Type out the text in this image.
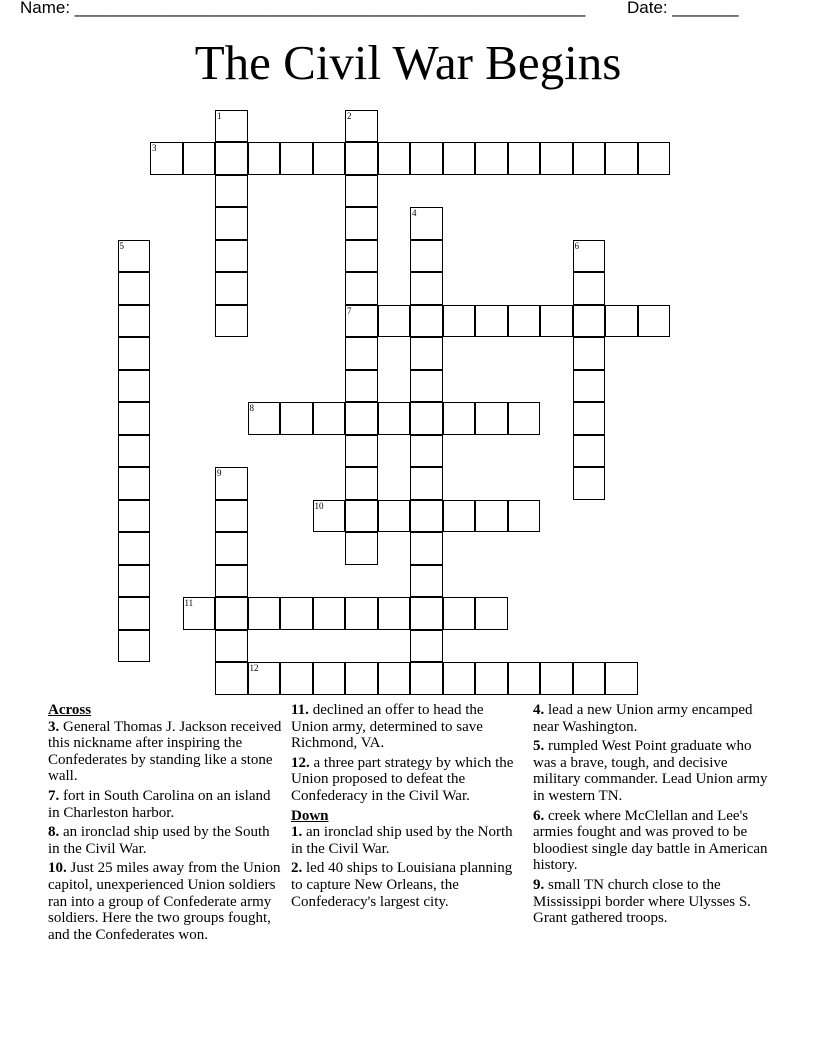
Name: ______________________________________________________ Date: _______
The Civil War Begins
3
7
8
10
11
12
1	2
4
5	6
9
Across
3. General Thomas J. Jackson received this nickname after inspiring the Confederates by standing like a stone wall.
7. fort in South Carolina on an island in Charleston harbor.
8. an ironclad ship used by the South in the Civil War.
10. Just 25 miles away from the Union capitol, unexperienced Union soldiers ran into a group of Confederate army soldiers. Here the two groups fought, and the Confederates won.
11. declined an offer to head the Union army, determined to save Richmond, VA.
12. a three part strategy by which the Union proposed to defeat the Confederacy in the Civil War.
Down
1. an ironclad ship used by the North in the Civil War.
2. led 40 ships to Louisiana planning to capture New Orleans, the Confederacy's largest city.
4. lead a new Union army encamped near Washington.
5. rumpled West Point graduate who was a brave, tough, and decisive military commander. Lead Union army in western TN.
6. creek where McClellan and Lee's armies fought and was proved to be bloodiest single day battle in American history.
9. small TN church close to the Mississippi border where Ulysses S. Grant gathered troops.
